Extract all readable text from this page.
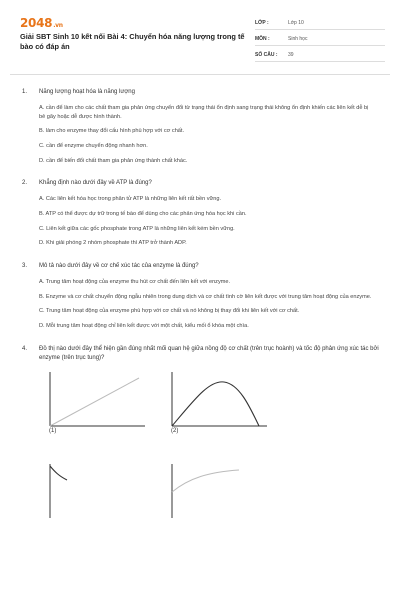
2048.vn
Giải SBT Sinh 10 kết nối Bài 4: Chuyển hóa năng lượng trong tế bào có đáp án
LỚP :	Lớp 10
MÔN :	Sinh học
SỐ CÂU :	39
1.	Năng lượng hoạt hóa là năng lượng
A. cần để làm cho các chất tham gia phản ứng chuyển đổi từ trạng thái ổn định sang trạng thái không ổn định khiến các liên kết dễ bị bẻ gãy hoặc dễ được hình thành.
B. làm cho enzyme thay đổi cấu hình phù hợp với cơ chất.
C. cần để enzyme chuyển động nhanh hơn.
D. cần để biến đổi chất tham gia phản ứng thành chất khác.
2.	Khẳng định nào dưới đây về ATP là đúng?
A. Các liên kết hóa học trong phân tử ATP là những liên kết rất bền vững.
B. ATP có thể được dự trữ trong tế bào để dùng cho các phản ứng hóa học khi cần.
C. Liên kết giữa các gốc phosphate trong ATP là những liên kết kém bền vững.
D. Khi giải phóng 2 nhóm phosphate thì ATP trở thành ADP.
3.	Mô tả nào dưới đây về cơ chế xúc tác của enzyme là đúng?
A. Trung tâm hoạt động của enzyme thu hút cơ chất đến liên kết với enzyme.
B. Enzyme và cơ chất chuyển động ngẫu nhiên trong dung dịch và cơ chất tình cờ liên kết được với trung tâm hoạt động của enzyme.
C. Trung tâm hoạt động của enzyme phù hợp với cơ chất và nó không bị thay đổi khi liên kết với cơ chất.
D. Mỗi trung tâm hoạt động chỉ liên kết được với một chất, kiểu mối ổ khóa một chìa.
4.	Đồ thị nào dưới đây thể hiện gần đúng nhất mối quan hệ giữa nồng độ cơ chất (trên trục hoành) và tốc độ phản ứng xúc tác bởi enzyme (trên trục tung)?
(1)	(2)
